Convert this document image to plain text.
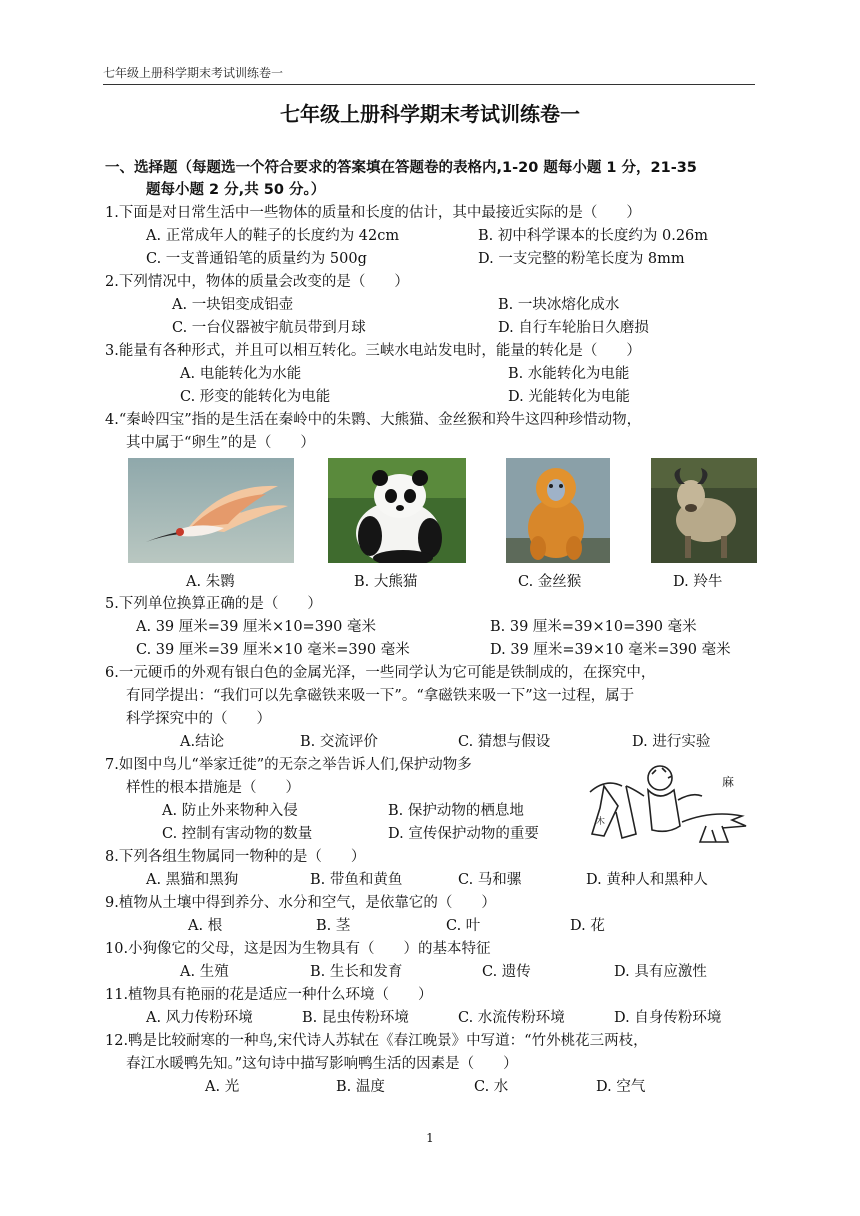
七年级上册科学期末考试训练卷一
七年级上册科学期末考试训练卷一
一、选择题（每题选一个符合要求的答案填在答题卷的表格内,1-20 题每小题 1 分，21-35
题每小题 2 分,共 50 分。）
1.下面是对日常生活中一些物体的质量和长度的估计，其中最接近实际的是（　　）
A. 正常成年人的鞋子的长度约为 42cm	B. 初中科学课本的长度约为 0.26m
C. 一支普通铅笔的质量约为 500g	D. 一支完整的粉笔长度为 8mm
2.下列情况中，物体的质量会改变的是（　　）
A. 一块铝变成铝壶	B. 一块冰熔化成水
C. 一台仪器被宇航员带到月球	D. 自行车轮胎日久磨损
3.能量有各种形式，并且可以相互转化。三峡水电站发电时，能量的转化是（　　）
A. 电能转化为水能	B. 水能转化为电能
C. 形变的能转化为电能	D. 光能转化为电能
4.“秦岭四宝”指的是生活在秦岭中的朱鹮、大熊猫、金丝猴和羚牛这四种珍惜动物，
其中属于“卵生”的是（　　）
A. 朱鹮	B. 大熊猫	C. 金丝猴	D. 羚牛
5.下列单位换算正确的是（　　）
A. 39 厘米=39 厘米×10=390 毫米	B. 39 厘米=39×10=390 毫米
C. 39 厘米=39 厘米×10 毫米=390 毫米	D. 39 厘米=39×10 毫米=390 毫米
6.一元硬币的外观有银白色的金属光泽，一些同学认为它可能是铁制成的，在探究中，
有同学提出：“我们可以先拿磁铁来吸一下”。“拿磁铁来吸一下”这一过程，属于
科学探究中的（　　）
A.结论	B. 交流评价	C. 猜想与假设	D. 进行实验
7.如图中鸟儿“举家迁徙”的无奈之举告诉人们,保护动物多
样性的根本措施是（　　）
A. 防止外来物种入侵	B. 保护动物的栖息地
C. 控制有害动物的数量	D. 宣传保护动物的重要
木
麻
8.下列各组生物属同一物种的是（　　）
A. 黑猫和黑狗	B. 带鱼和黄鱼	C. 马和骡	D. 黄种人和黑种人
9.植物从土壤中得到养分、水分和空气，是依靠它的（　　）
A. 根	B. 茎	C. 叶	D. 花
10.小狗像它的父母，这是因为生物具有（　　）的基本特征
A. 生殖	B. 生长和发育	C. 遗传	D. 具有应激性
11.植物具有艳丽的花是适应一种什么环境（　　）
A. 风力传粉环境	B. 昆虫传粉环境	C. 水流传粉环境	D. 自身传粉环境
12.鸭是比较耐寒的一种鸟,宋代诗人苏轼在《春江晚景》中写道：“竹外桃花三两枝，
春江水暖鸭先知。”这句诗中描写影响鸭生活的因素是（　　）
A. 光	B. 温度	C. 水	D. 空气
1
